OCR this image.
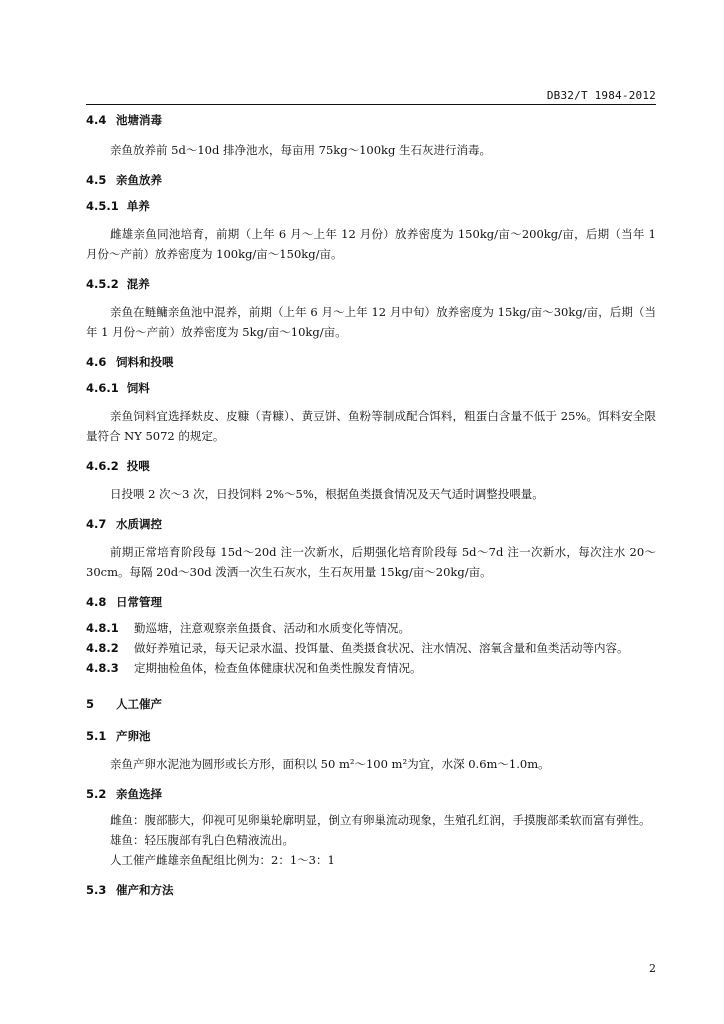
DB32/T 1984-2012

4.4 池塘消毒

亲鱼放养前 5d～10d 排净池水，每亩用 75kg～100kg 生石灰进行消毒。

4.5 亲鱼放养

4.5.1 单养

雌雄亲鱼同池培育，前期（上年 6 月～上年 12 月份）放养密度为 150kg/亩～200kg/亩，后期（当年 1 月份～产前）放养密度为 100kg/亩～150kg/亩。

4.5.2 混养

亲鱼在鲢鳙亲鱼池中混养，前期（上年 6 月～上年 12 月中旬）放养密度为 15kg/亩～30kg/亩，后期（当年 1 月份～产前）放养密度为 5kg/亩～10kg/亩。

4.6 饲料和投喂

4.6.1 饲料

亲鱼饲料宜选择麸皮、皮糠（青糠）、黄豆饼、鱼粉等制成配合饵料，粗蛋白含量不低于 25%。饵料安全限量符合 NY 5072 的规定。

4.6.2 投喂

日投喂 2 次～3 次，日投饲料 2%～5%，根据鱼类摄食情况及天气适时调整投喂量。

4.7 水质调控

前期正常培育阶段每 15d～20d 注一次新水，后期强化培育阶段每 5d～7d 注一次新水，每次注水 20～30cm。每隔 20d～30d 泼洒一次生石灰水，生石灰用量 15kg/亩～20kg/亩。

4.8 日常管理

4.8.1 勤巡塘，注意观察亲鱼摄食、活动和水质变化等情况。

4.8.2 做好养殖记录，每天记录水温、投饵量、鱼类摄食状况、注水情况、溶氧含量和鱼类活动等内容。

4.8.3 定期抽检鱼体，检查鱼体健康状况和鱼类性腺发育情况。

5 人工催产

5.1 产卵池

亲鱼产卵水泥池为圆形或长方形，面积以 50 m²～100 m²为宜，水深 0.6m～1.0m。

5.2 亲鱼选择

雌鱼：腹部膨大，仰视可见卵巢轮廓明显，倒立有卵巢流动现象，生殖孔红润，手摸腹部柔软而富有弹性。

雄鱼：轻压腹部有乳白色精液流出。

人工催产雌雄亲鱼配组比例为：2：1～3：1

5.3 催产和方法

2
